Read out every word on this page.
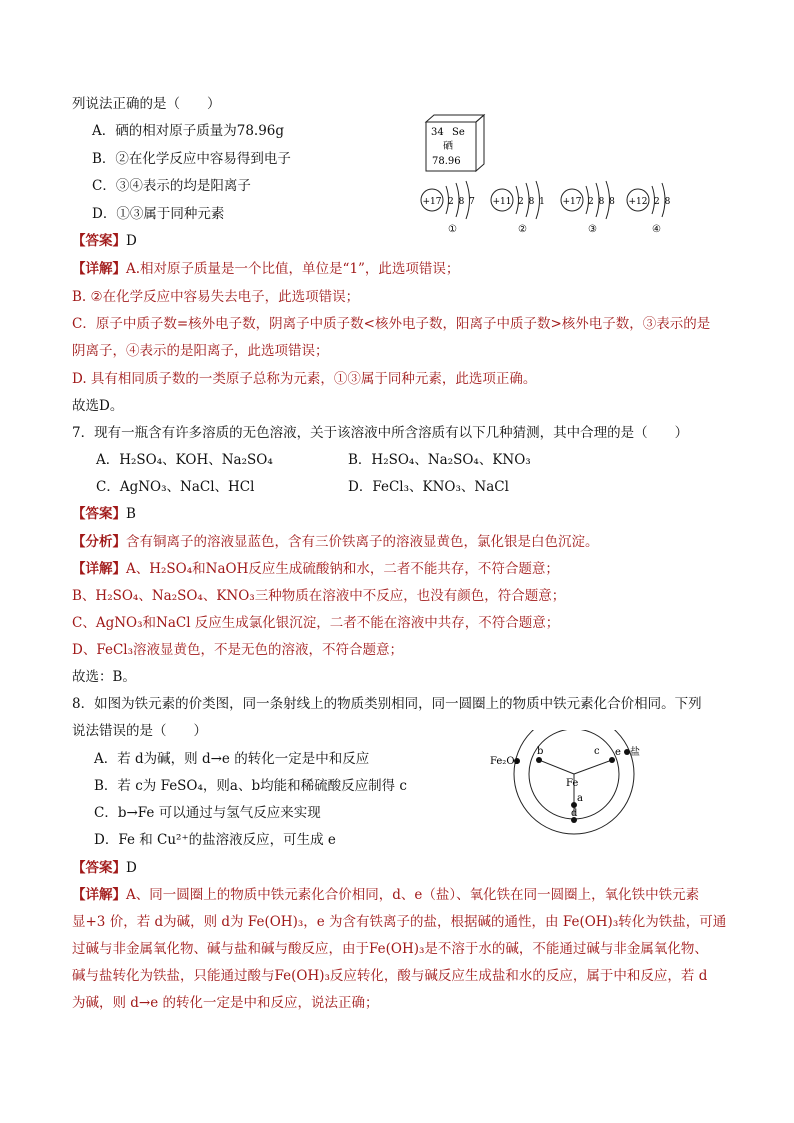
列说法正确的是（　　）
A．硒的相对原子质量为78.96g
B．②在化学反应中容易得到电子
C．③④表示的均是阳离子
D．①③属于同种元素
34 Se
硒
78.96
+17 2 8 7
①
+11 2 8 1
②
+17 2 8 8
③
+12 2 8
④
【答案】D
【详解】A.相对原子质量是一个比值，单位是“1”，此选项错误；
B. ②在化学反应中容易失去电子，此选项错误；
C．原子中质子数=核外电子数，阴离子中质子数<核外电子数，阳离子中质子数>核外电子数，③表示的是
阴离子，④表示的是阳离子，此选项错误；
D. 具有相同质子数的一类原子总称为元素，①③属于同种元素，此选项正确。
故选D。
7．现有一瓶含有许多溶质的无色溶液，关于该溶液中所含溶质有以下几种猜测，其中合理的是（　　）
A．H₂SO₄、KOH、Na₂SO₄	B．H₂SO₄、Na₂SO₄、KNO₃
C．AgNO₃、NaCl、HCl	D．FeCl₃、KNO₃、NaCl
【答案】B
【分析】含有铜离子的溶液显蓝色，含有三价铁离子的溶液显黄色，氯化银是白色沉淀。
【详解】A、H₂SO₄和NaOH反应生成硫酸钠和水，二者不能共存，不符合题意；
B、H₂SO₄、Na₂SO₄、KNO₃三种物质在溶液中不反应，也没有颜色，符合题意；
C、AgNO₃和NaCl 反应生成氯化银沉淀，二者不能在溶液中共存，不符合题意；
D、FeCl₃溶液显黄色，不是无色的溶液，不符合题意；
故选：B。
8．如图为铁元素的价类图，同一条射线上的物质类别相同，同一圆圈上的物质中铁元素化合价相同。下列
说法错误的是（　　）
A．若 d为碱，则 d→e 的转化一定是中和反应
B．若 c为 FeSO₄，则a、b均能和稀硫酸反应制得 c
C．b→Fe 可以通过与氢气反应来实现
D．Fe 和 Cu²⁺的盐溶液反应，可生成 e
Fe₂O₃
Fe
b	c e 盐
a
d
【答案】D
【详解】A、同一圆圈上的物质中铁元素化合价相同，d、e（盐）、氧化铁在同一圆圈上，氧化铁中铁元素
显+3 价，若 d为碱，则 d为 Fe(OH)₃，e 为含有铁离子的盐，根据碱的通性，由 Fe(OH)₃转化为铁盐，可通
过碱与非金属氧化物、碱与盐和碱与酸反应，由于Fe(OH)₃是不溶于水的碱，不能通过碱与非金属氧化物、
碱与盐转化为铁盐，只能通过酸与Fe(OH)₃反应转化，酸与碱反应生成盐和水的反应，属于中和反应，若 d
为碱，则 d→e 的转化一定是中和反应，说法正确；
